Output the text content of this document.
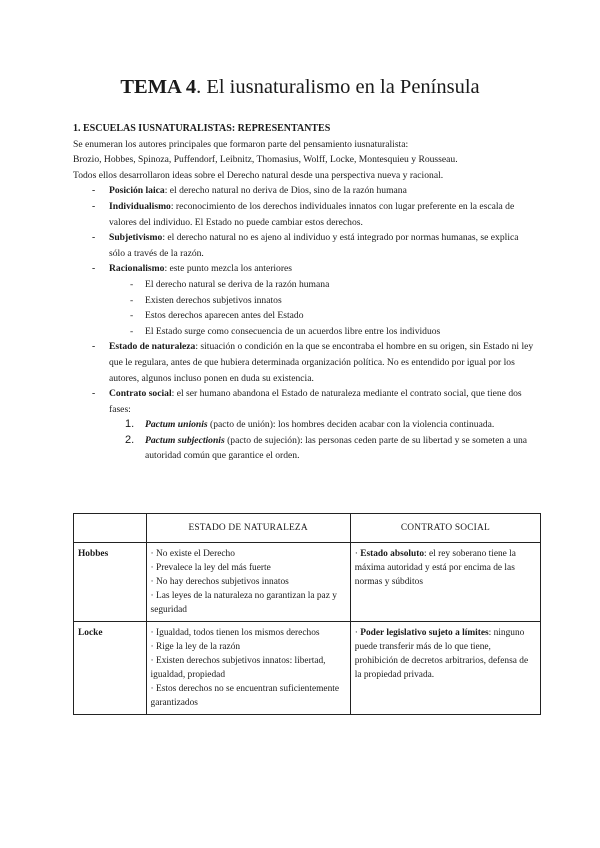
TEMA 4. El iusnaturalismo en la Península

1. ESCUELAS IUSNATURALISTAS: REPRESENTANTES

Se enumeran los autores principales que formaron parte del pensamiento iusnaturalista:

Brozio, Hobbes, Spinoza, Puffendorf, Leibnitz, Thomasius, Wolff, Locke, Montesquieu y Rousseau.

Todos ellos desarrollaron ideas sobre el Derecho natural desde una perspectiva nueva y racional.

- Posición laica: el derecho natural no deriva de Dios, sino de la razón humana
- Individualismo: reconocimiento de los derechos individuales innatos con lugar preferente en la escala de valores del individuo. El Estado no puede cambiar estos derechos.
- Subjetivismo: el derecho natural no es ajeno al individuo y está integrado por normas humanas, se explica sólo a través de la razón.
- Racionalismo: este punto mezcla los anteriores
- El derecho natural se deriva de la razón humana
- Existen derechos subjetivos innatos
- Estos derechos aparecen antes del Estado
- El Estado surge como consecuencia de un acuerdos libre entre los individuos
- Estado de naturaleza: situación o condición en la que se encontraba el hombre en su origen, sin Estado ni ley que le regulara, antes de que hubiera determinada organización política. No es entendido por igual por los autores, algunos incluso ponen en duda su existencia.
- Contrato social: el ser humano abandona el Estado de naturaleza mediante el contrato social, que tiene dos fases:
1. Pactum unionis (pacto de unión): los hombres deciden acabar con la violencia continuada.
2. Pactum subjectionis (pacto de sujeción): las personas ceden parte de su libertad y se someten a una autoridad común que garantice el orden.
	ESTADO DE NATURALEZA	CONTRATO SOCIAL
Hobbes	· No existe el Derecho
· Prevalece la ley del más fuerte
· No hay derechos subjetivos innatos
· Las leyes de la naturaleza no garantizan la paz y seguridad	· Estado absoluto: el rey soberano tiene la máxima autoridad y está por encima de las normas y súbditos
Locke	· Igualdad, todos tienen los mismos derechos
· Rige la ley de la razón
· Existen derechos subjetivos innatos: libertad, igualdad, propiedad
· Estos derechos no se encuentran suficientemente garantizados	· Poder legislativo sujeto a límites: ninguno puede transferir más de lo que tiene, prohibición de decretos arbitrarios, defensa de la propiedad privada.
